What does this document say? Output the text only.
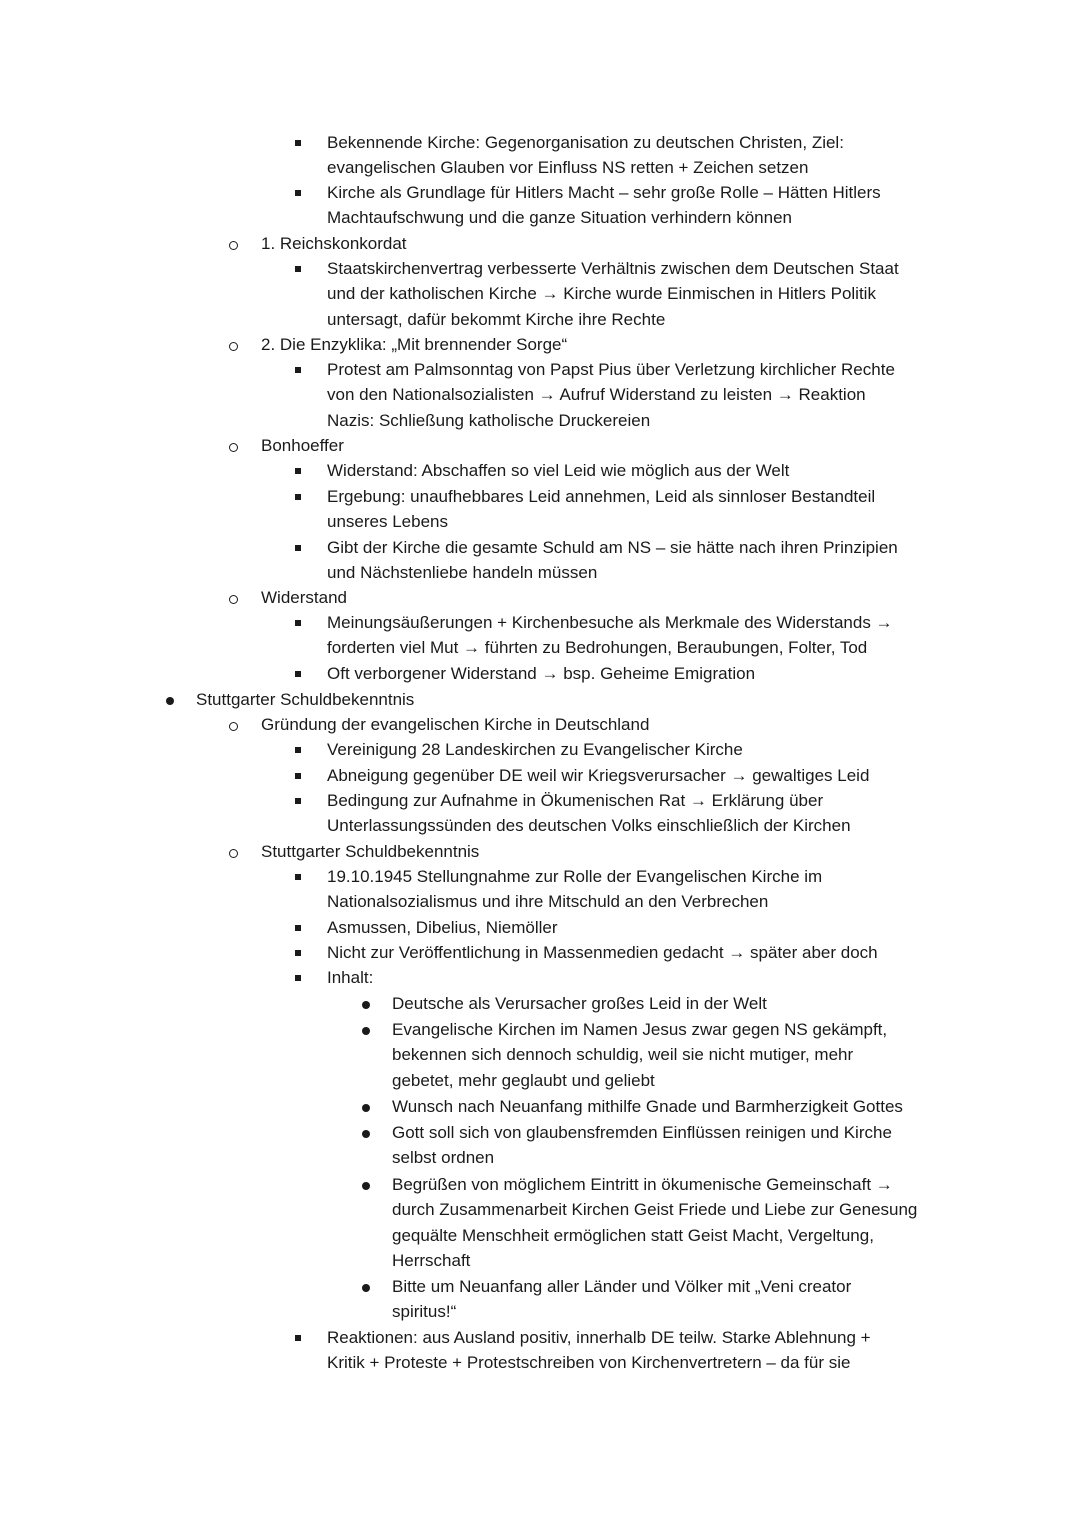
Bekennende Kirche: Gegenorganisation zu deutschen Christen, Ziel:
evangelischen Glauben vor Einfluss NS retten + Zeichen setzen
Kirche als Grundlage für Hitlers Macht – sehr große Rolle – Hätten Hitlers
Machtaufschwung und die ganze Situation verhindern können
1. Reichskonkordat
Staatskirchenvertrag verbesserte Verhältnis zwischen dem Deutschen Staat
und der katholischen Kirche → Kirche wurde Einmischen in Hitlers Politik
untersagt, dafür bekommt Kirche ihre Rechte
2. Die Enzyklika: „Mit brennender Sorge“
Protest am Palmsonntag von Papst Pius über Verletzung kirchlicher Rechte
von den Nationalsozialisten → Aufruf Widerstand zu leisten → Reaktion
Nazis: Schließung katholische Druckereien
Bonhoeffer
Widerstand: Abschaffen so viel Leid wie möglich aus der Welt
Ergebung: unaufhebbares Leid annehmen, Leid als sinnloser Bestandteil
unseres Lebens
Gibt der Kirche die gesamte Schuld am NS – sie hätte nach ihren Prinzipien
und Nächstenliebe handeln müssen
Widerstand
Meinungsäußerungen + Kirchenbesuche als Merkmale des Widerstands →
forderten viel Mut → führten zu Bedrohungen, Beraubungen, Folter, Tod
Oft verborgener Widerstand → bsp. Geheime Emigration
Stuttgarter Schuldbekenntnis
Gründung der evangelischen Kirche in Deutschland
Vereinigung 28 Landeskirchen zu Evangelischer Kirche
Abneigung gegenüber DE weil wir Kriegsverursacher → gewaltiges Leid
Bedingung zur Aufnahme in Ökumenischen Rat → Erklärung über
Unterlassungssünden des deutschen Volks einschließlich der Kirchen
Stuttgarter Schuldbekenntnis
19.10.1945 Stellungnahme zur Rolle der Evangelischen Kirche im
Nationalsozialismus und ihre Mitschuld an den Verbrechen
Asmussen, Dibelius, Niemöller
Nicht zur Veröffentlichung in Massenmedien gedacht → später aber doch
Inhalt:
Deutsche als Verursacher großes Leid in der Welt
Evangelische Kirchen im Namen Jesus zwar gegen NS gekämpft,
bekennen sich dennoch schuldig, weil sie nicht mutiger, mehr
gebetet, mehr geglaubt und geliebt
Wunsch nach Neuanfang mithilfe Gnade und Barmherzigkeit Gottes
Gott soll sich von glaubensfremden Einflüssen reinigen und Kirche
selbst ordnen
Begrüßen von möglichem Eintritt in ökumenische Gemeinschaft →
durch Zusammenarbeit Kirchen Geist Friede und Liebe zur Genesung
gequälte Menschheit ermöglichen statt Geist Macht, Vergeltung,
Herrschaft
Bitte um Neuanfang aller Länder und Völker mit „Veni creator
spiritus!“
Reaktionen: aus Ausland positiv, innerhalb DE teilw. Starke Ablehnung +
Kritik + Proteste + Protestschreiben von Kirchenvertretern – da für sie
